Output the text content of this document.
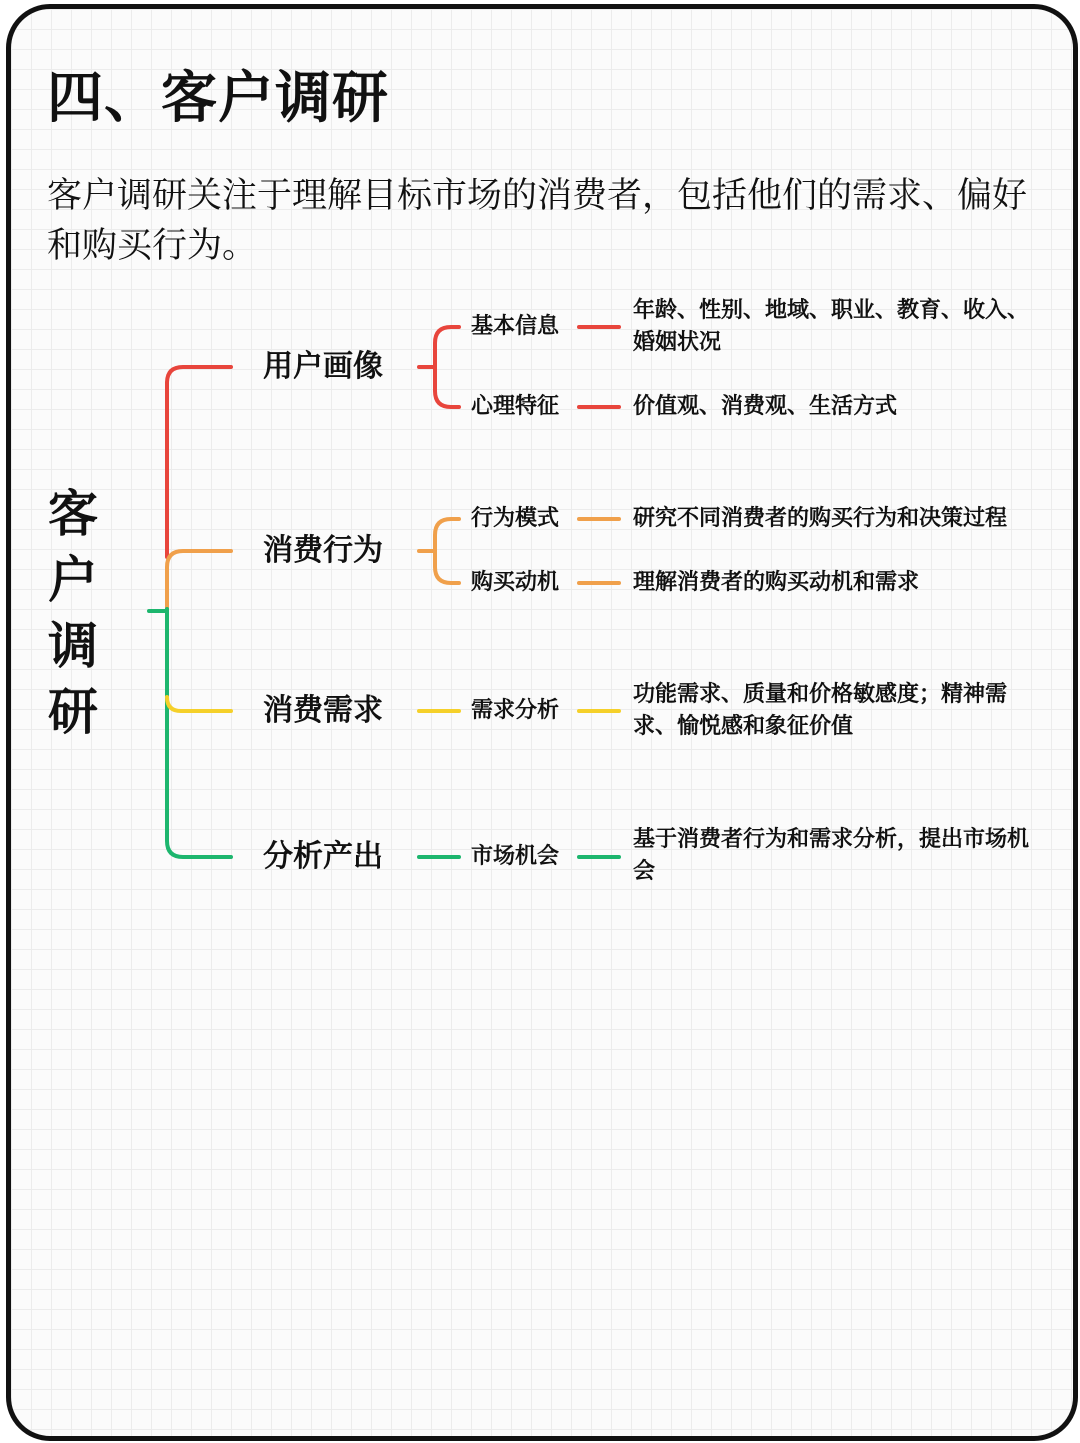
四、客户调研

客户调研关注于理解目标市场的消费者，包括他们的需求、偏好和购买行为。

客
户
调
研
用户画像
消费行为
消费需求
分析产出
基本信息
心理特征
行为模式
购买动机
需求分析
市场机会
年龄、性别、地域、职业、教育、收入、婚姻状况
价值观、消费观、生活方式
研究不同消费者的购买行为和决策过程
理解消费者的购买动机和需求
功能需求、质量和价格敏感度；精神需求、愉悦感和象征价值
基于消费者行为和需求分析，提出市场机会
